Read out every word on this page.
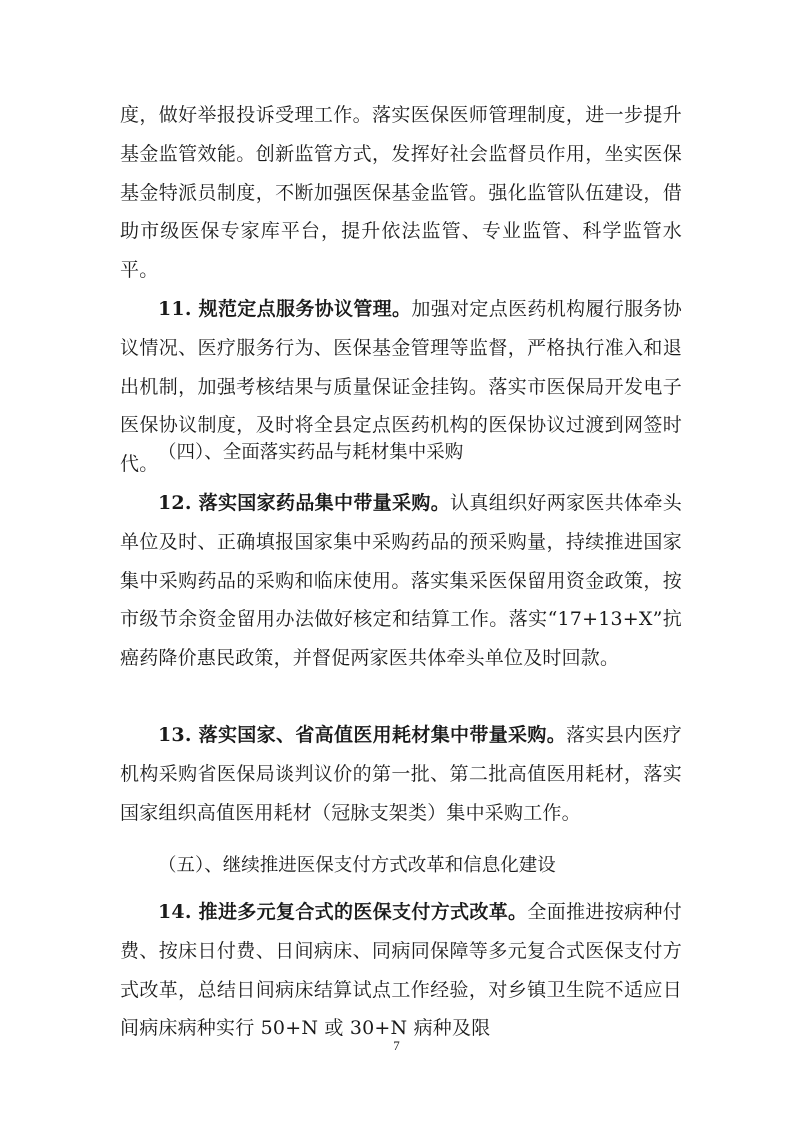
度，做好举报投诉受理工作。落实医保医师管理制度，进一步提升基金监管效能。创新监管方式，发挥好社会监督员作用，坐实医保基金特派员制度，不断加强医保基金监管。强化监管队伍建设，借助市级医保专家库平台，提升依法监管、专业监管、科学监管水平。

11. 规范定点服务协议管理。加强对定点医药机构履行服务协议情况、医疗服务行为、医保基金管理等监督，严格执行准入和退出机制，加强考核结果与质量保证金挂钩。落实市医保局开发电子医保协议制度，及时将全县定点医药机构的医保协议过渡到网签时代。

（四）、全面落实药品与耗材集中采购

12. 落实国家药品集中带量采购。认真组织好两家医共体牵头单位及时、正确填报国家集中采购药品的预采购量，持续推进国家集中采购药品的采购和临床使用。落实集采医保留用资金政策，按市级节余资金留用办法做好核定和结算工作。落实“17+13+X”抗癌药降价惠民政策，并督促两家医共体牵头单位及时回款。

13. 落实国家、省高值医用耗材集中带量采购。落实县内医疗机构采购省医保局谈判议价的第一批、第二批高值医用耗材，落实国家组织高值医用耗材（冠脉支架类）集中采购工作。

（五）、继续推进医保支付方式改革和信息化建设

14. 推进多元复合式的医保支付方式改革。全面推进按病种付费、按床日付费、日间病床、同病同保障等多元复合式医保支付方式改革，总结日间病床结算试点工作经验，对乡镇卫生院不适应日间病床病种实行 50+N 或 30+N 病种及限

7
